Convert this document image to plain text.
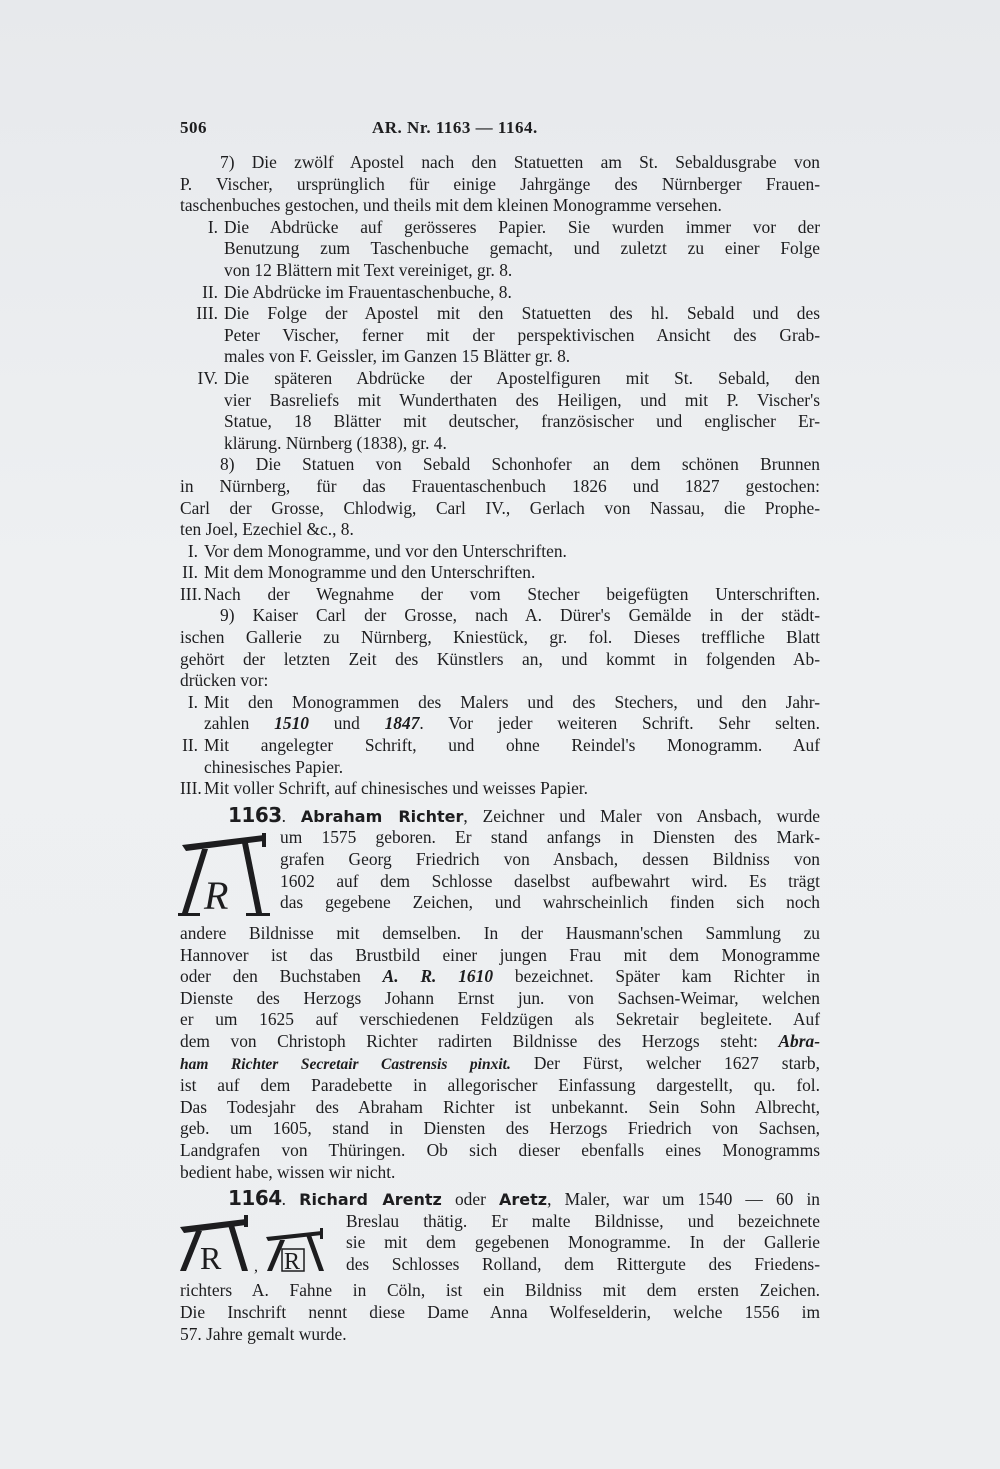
506	AR. Nr. 1163 — 1164.

7) Die zwölf Apostel nach den Statuetten am St. Sebaldusgrabe von
P. Vischer, ursprünglich für einige Jahrgänge des Nürnberger Frauen-
taschenbuches gestochen, und theils mit dem kleinen Monogramme versehen.

I. Die Abdrücke auf gerösseres Papier. Sie wurden immer vor der
Benutzung zum Taschenbuche gemacht, und zuletzt zu einer Folge
von 12 Blättern mit Text vereiniget, gr. 8.
II. Die Abdrücke im Frauentaschenbuche, 8.
III. Die Folge der Apostel mit den Statuetten des hl. Sebald und des
Peter Vischer, ferner mit der perspektivischen Ansicht des Grab-
males von F. Geissler, im Ganzen 15 Blätter gr. 8.
IV. Die späteren Abdrücke der Apostelfiguren mit St. Sebald, den
vier Basreliefs mit Wunderthaten des Heiligen, und mit P. Vischer's
Statue, 18 Blätter mit deutscher, französischer und englischer Er-
klärung. Nürnberg (1838), gr. 4.
8) Die Statuen von Sebald Schonhofer an dem schönen Brunnen
in Nürnberg, für das Frauentaschenbuch 1826 und 1827 gestochen:
Carl der Grosse, Chlodwig, Carl IV., Gerlach von Nassau, die Prophe-
ten Joel, Ezechiel &c., 8.
I. Vor dem Monogramme, und vor den Unterschriften.
II. Mit dem Monogramme und den Unterschriften.
III. Nach der Wegnahme der vom Stecher beigefügten Unterschriften.
9) Kaiser Carl der Grosse, nach A. Dürer's Gemälde in der städt-
ischen Gallerie zu Nürnberg, Kniestück, gr. fol. Dieses treffliche Blatt
gehört der letzten Zeit des Künstlers an, und kommt in folgenden Ab-
drücken vor:
I. Mit den Monogrammen des Malers und des Stechers, und den Jahr-
zahlen 1510 und 1847. Vor jeder weiteren Schrift. Sehr selten.
II. Mit angelegter Schrift, und ohne Reindel's Monogramm. Auf
chinesisches Papier.
III. Mit voller Schrift, auf chinesisches und weisses Papier.
1163. Abraham Richter, Zeichner und Maler von Ansbach, wurde
R
um 1575 geboren. Er stand anfangs in Diensten des Mark-
grafen Georg Friedrich von Ansbach, dessen Bildniss von
1602 auf dem Schlosse daselbst aufbewahrt wird. Es trägt
das gegebene Zeichen, und wahrscheinlich finden sich noch
andere Bildnisse mit demselben. In der Hausmann'schen Sammlung zu
Hannover ist das Brustbild einer jungen Frau mit dem Monogramme
oder den Buchstaben A. R. 1610 bezeichnet. Später kam Richter in
Dienste des Herzogs Johann Ernst jun. von Sachsen-Weimar, welchen
er um 1625 auf verschiedenen Feldzügen als Sekretair begleitete. Auf
dem von Christoph Richter radirten Bildnisse des Herzogs steht: Abra-
ham Richter Secretair Castrensis pinxit. Der Fürst, welcher 1627 starb,
ist auf dem Paradebette in allegorischer Einfassung dargestellt, qu. fol.
Das Todesjahr des Abraham Richter ist unbekannt. Sein Sohn Albrecht,
geb. um 1605, stand in Diensten des Herzogs Friedrich von Sachsen,
Landgrafen von Thüringen. Ob sich dieser ebenfalls eines Monogramms
bedient habe, wissen wir nicht.
1164. Richard Arentz oder Aretz, Maler, war um 1540 — 60 in
R , R
Breslau thätig. Er malte Bildnisse, und bezeichnete
sie mit dem gegebenen Monogramme. In der Gallerie
des Schlosses Rolland, dem Rittergute des Friedens-
richters A. Fahne in Cöln, ist ein Bildniss mit dem ersten Zeichen.
Die Inschrift nennt diese Dame Anna Wolfeselderin, welche 1556 im
57. Jahre gemalt wurde.
